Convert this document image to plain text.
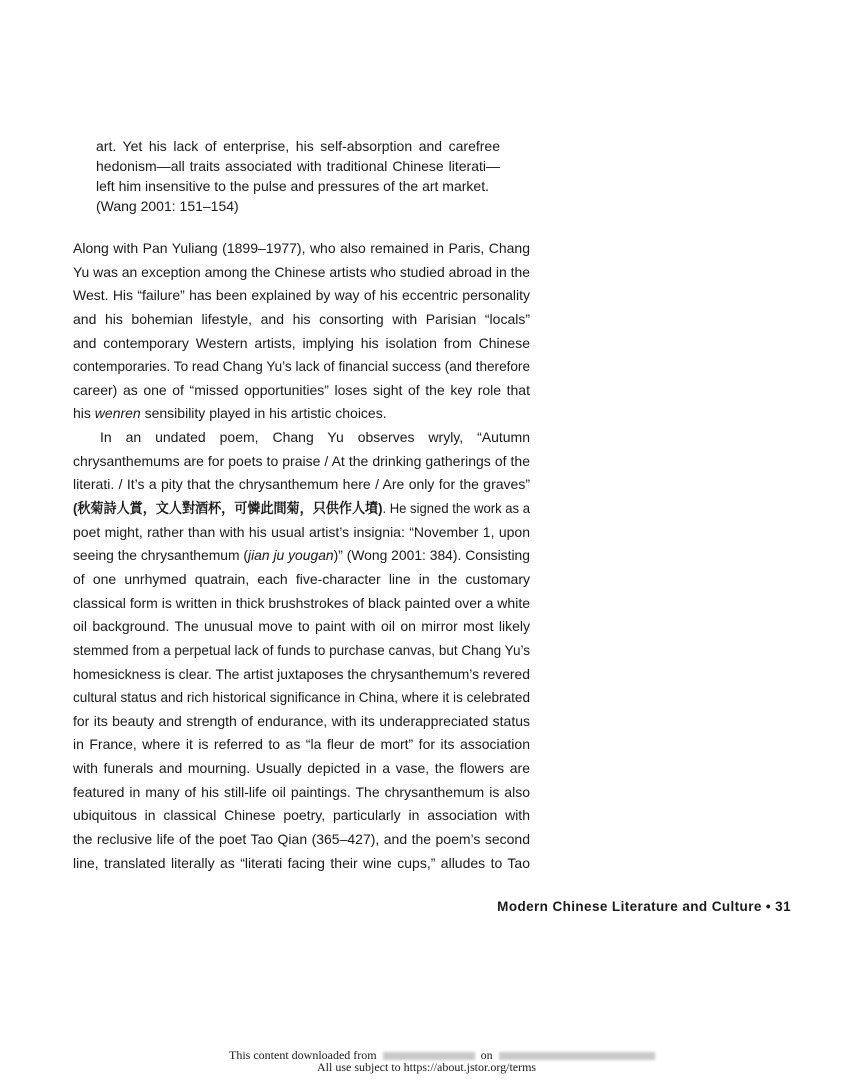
art. Yet his lack of enterprise, his self-absorption and carefree
hedonism—all traits associated with traditional Chinese literati—
left him insensitive to the pulse and pressures of the art market.
(Wang 2001: 151–154)
Along with Pan Yuliang (1899–1977), who also remained in Paris, Chang
Yu was an exception among the Chinese artists who studied abroad in the
West. His “failure” has been explained by way of his eccentric personality
and his bohemian lifestyle, and his consorting with Parisian “locals”
and contemporary Western artists, implying his isolation from Chinese
contemporaries. To read Chang Yu’s lack of financial success (and therefore
career) as one of “missed opportunities” loses sight of the key role that
his wenren sensibility played in his artistic choices.
In an undated poem, Chang Yu observes wryly, “Autumn
chrysanthemums are for poets to praise / At the drinking gatherings of the
literati. / It’s a pity that the chrysanthemum here / Are only for the graves”
(秋菊詩人賞，文人對酒杯，可憐此間菊，只供作人墳). He signed the work as a
poet might, rather than with his usual artist’s insignia: “November 1, upon
seeing the chrysanthemum (jian ju yougan)” (Wong 2001: 384). Consisting
of one unrhymed quatrain, each five-character line in the customary
classical form is written in thick brushstrokes of black painted over a white
oil background. The unusual move to paint with oil on mirror most likely
stemmed from a perpetual lack of funds to purchase canvas, but Chang Yu’s
homesickness is clear. The artist juxtaposes the chrysanthemum’s revered
cultural status and rich historical significance in China, where it is celebrated
for its beauty and strength of endurance, with its underappreciated status
in France, where it is referred to as “la fleur de mort” for its association
with funerals and mourning. Usually depicted in a vase, the flowers are
featured in many of his still-life oil paintings. The chrysanthemum is also
ubiquitous in classical Chinese poetry, particularly in association with
the reclusive life of the poet Tao Qian (365–427), and the poem’s second
line, translated literally as “literati facing their wine cups,” alludes to Tao
Modern Chinese Literature and Culture • 31
This content downloaded from	on
All use subject to https://about.jstor.org/terms
